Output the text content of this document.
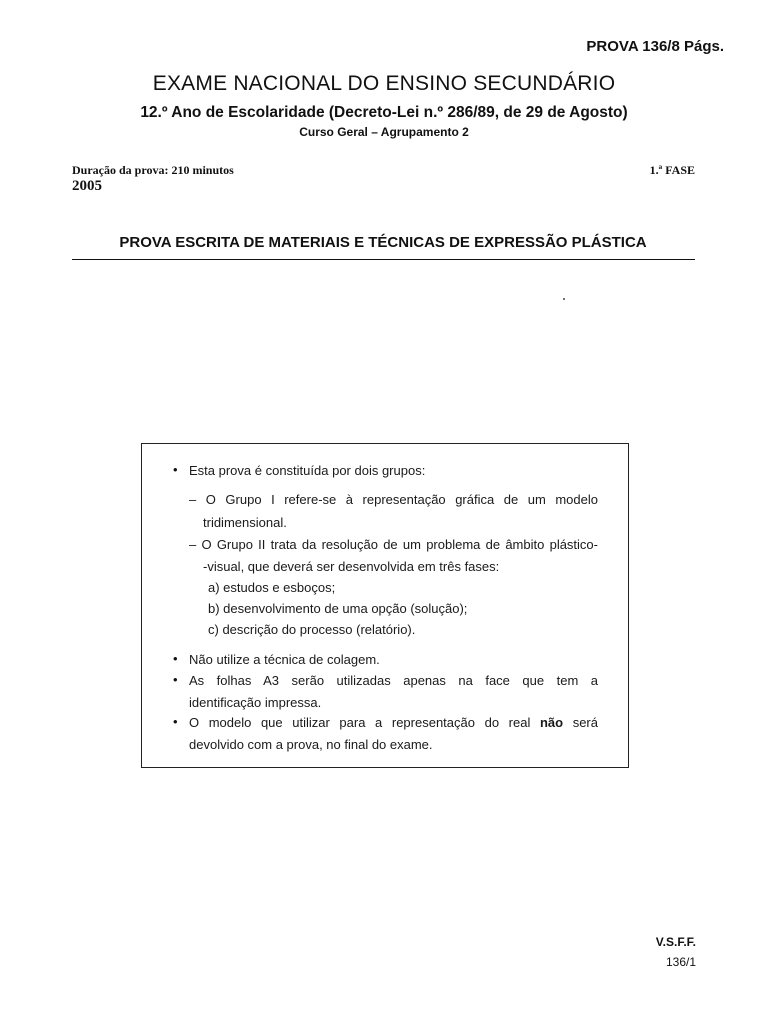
PROVA 136/8 Págs.
EXAME NACIONAL DO ENSINO SECUNDÁRIO
12.º Ano de Escolaridade (Decreto-Lei n.º 286/89, de 29 de Agosto)
Curso Geral – Agrupamento 2
Duração da prova: 210 minutos	1.ª FASE
2005
PROVA ESCRITA DE MATERIAIS E TÉCNICAS DE EXPRESSÃO PLÁSTICA
• Esta prova é constituída por dois grupos:
– O Grupo I refere-se à representação gráfica de um modelo
tridimensional.
– O Grupo II trata da resolução de um problema de âmbito plástico-
-visual, que deverá ser desenvolvida em três fases:
a) estudos e esboços;
b) desenvolvimento de uma opção (solução);
c) descrição do processo (relatório).
• Não utilize a técnica de colagem.
• As folhas A3 serão utilizadas apenas na face que tem a
identificação impressa.
• O modelo que utilizar para a representação do real não será
devolvido com a prova, no final do exame.
V.S.F.F.
136/1
